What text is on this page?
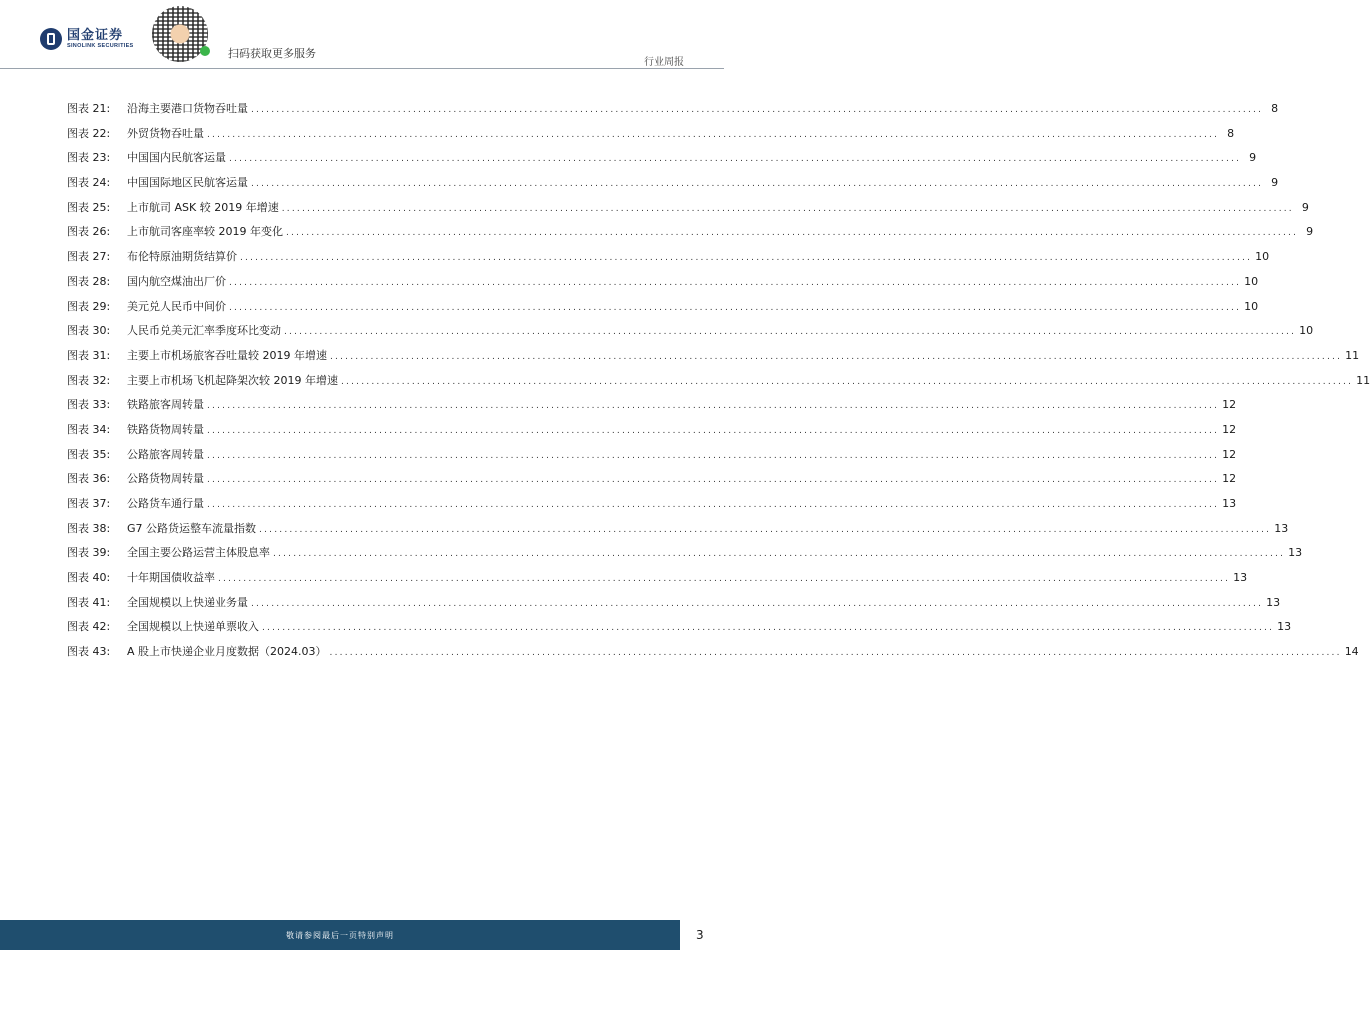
国金证券
SINOLINK SECURITIES
扫码获取更多服务
行业周报
图表 21:	沿海主要港口货物吞吐量 ........................................................................................................................................................................................................ 8
图表 22:	外贸货物吞吐量 ........................................................................................................................................................................................................ 8
图表 23:	中国国内民航客运量 ........................................................................................................................................................................................................ 9
图表 24:	中国国际地区民航客运量 ........................................................................................................................................................................................................ 9
图表 25:	上市航司 ASK 较 2019 年增速 ........................................................................................................................................................................................................ 9
图表 26:	上市航司客座率较 2019 年变化 ........................................................................................................................................................................................................ 9
图表 27:	布伦特原油期货结算价 ........................................................................................................................................................................................................ 10
图表 28:	国内航空煤油出厂价 ........................................................................................................................................................................................................ 10
图表 29:	美元兑人民币中间价 ........................................................................................................................................................................................................ 10
图表 30:	人民币兑美元汇率季度环比变动 ........................................................................................................................................................................................................ 10
图表 31:	主要上市机场旅客吞吐量较 2019 年增速 ........................................................................................................................................................................................................ 11
图表 32:	主要上市机场飞机起降架次较 2019 年增速 ........................................................................................................................................................................................................ 11
图表 33:	铁路旅客周转量 ........................................................................................................................................................................................................ 12
图表 34:	铁路货物周转量 ........................................................................................................................................................................................................ 12
图表 35:	公路旅客周转量 ........................................................................................................................................................................................................ 12
图表 36:	公路货物周转量 ........................................................................................................................................................................................................ 12
图表 37:	公路货车通行量 ........................................................................................................................................................................................................ 13
图表 38:	G7 公路货运整车流量指数 ........................................................................................................................................................................................................ 13
图表 39:	全国主要公路运营主体股息率 ........................................................................................................................................................................................................ 13
图表 40:	十年期国债收益率 ........................................................................................................................................................................................................ 13
图表 41:	全国规模以上快递业务量 ........................................................................................................................................................................................................ 13
图表 42:	全国规模以上快递单票收入 ........................................................................................................................................................................................................ 13
图表 43:	A 股上市快递企业月度数据（2024.03） ........................................................................................................................................................................................................ 14
敬请参阅最后一页特别声明	3
